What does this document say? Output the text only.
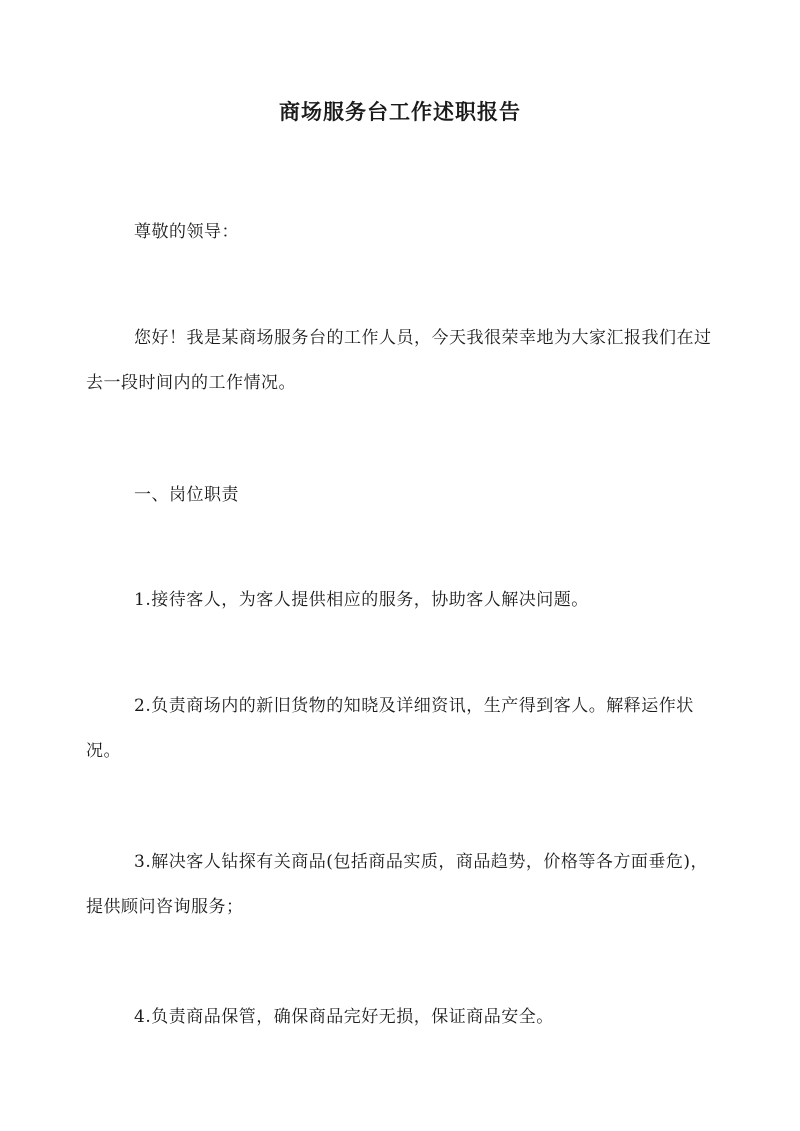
商场服务台工作述职报告

尊敬的领导：

您好！我是某商场服务台的工作人员，今天我很荣幸地为大家汇报我们在过去一段时间内的工作情况。

一、岗位职责

1.接待客人，为客人提供相应的服务，协助客人解决问题。

2.负责商场内的新旧货物的知晓及详细资讯，生产得到客人。解释运作状况。

3.解决客人钻探有关商品(包括商品实质，商品趋势，价格等各方面垂危)，提供顾问咨询服务；

4.负责商品保管，确保商品完好无损，保证商品安全。
